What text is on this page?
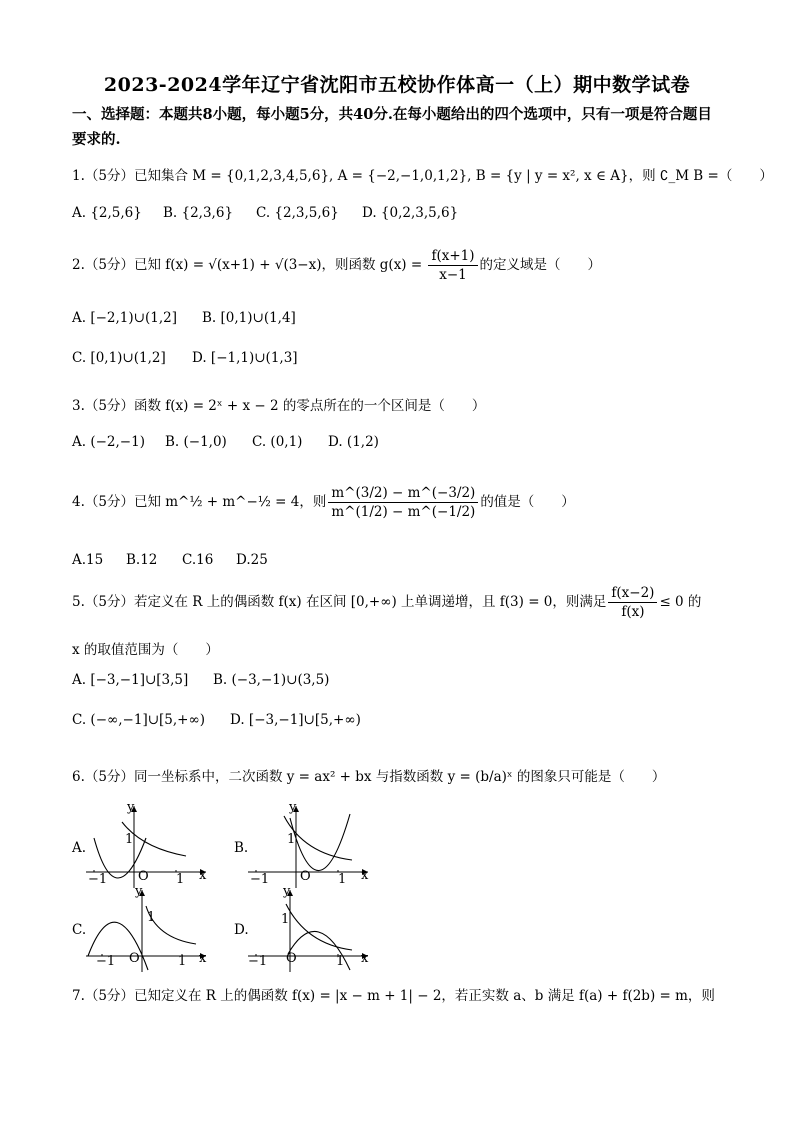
2023-2024学年辽宁省沈阳市五校协作体高一（上）期中数学试卷
一、选择题：本题共8小题，每小题5分，共40分.在每小题给出的四个选项中，只有一项是符合题目要求的.
1.（5分）已知集合 M = {0,1,2,3,4,5,6}, A = {−2,−1,0,1,2}, B = {y | y = x², x ∈ A}，则 ∁_M B =（　　）
A. {2,5,6} B. {2,3,6} C. {2,3,5,6} D. {0,2,3,5,6}
2.（5分）已知 f(x) = √(x+1) + √(3−x)，则函数 $g(x) = \frac{f(x+1)}{x-1}$ 的定义域是（　　）
A. [−2,1)∪(1,2] B. [0,1)∪(1,4]
C. [0,1)∪(1,2] D. [−1,1)∪(1,3]
3.（5分）函数 f(x) = 2ˣ + x − 2 的零点所在的一个区间是（　　）
A. (−2,−1) B. (−1,0) C. (0,1) D. (1,2)
4.（5分）已知 m^½ + m^−½ = 4，则 $\frac{m\^{}(3/2) - m\^{}(-3/2)}{m\^{}(1/2) - m\^{}(-1/2)}$ 的值是（　　）
A.15 B.12 C.16 D.25
5.（5分）若定义在 R 上的偶函数 f(x) 在区间 [0,+∞) 上单调递增，且 f(3) = 0，则满足 $\frac{f(x-2)}{f(x)} \le 0$ 的
x 的取值范围为（　　）
A. [−3,−1]∪[3,5] B. (−3,−1)∪(3,5)
C. (−∞,−1]∪[5,+∞) D. [−3,−1]∪[5,+∞)
6.（5分）同一坐标系中，二次函数 y = ax² + bx 与指数函数 y = (b/a)ˣ 的图象只可能是（　　）
A.
y
1
−1 O 1 x
B.
y
1
−1 O 1 x
C.
y
1
−1 O	1 x
D.
y
1
−1 O	1 x
7.（5分）已知定义在 R 上的偶函数 f(x) = |x − m + 1| − 2，若正实数 a、b 满足 f(a) + f(2b) = m，则
